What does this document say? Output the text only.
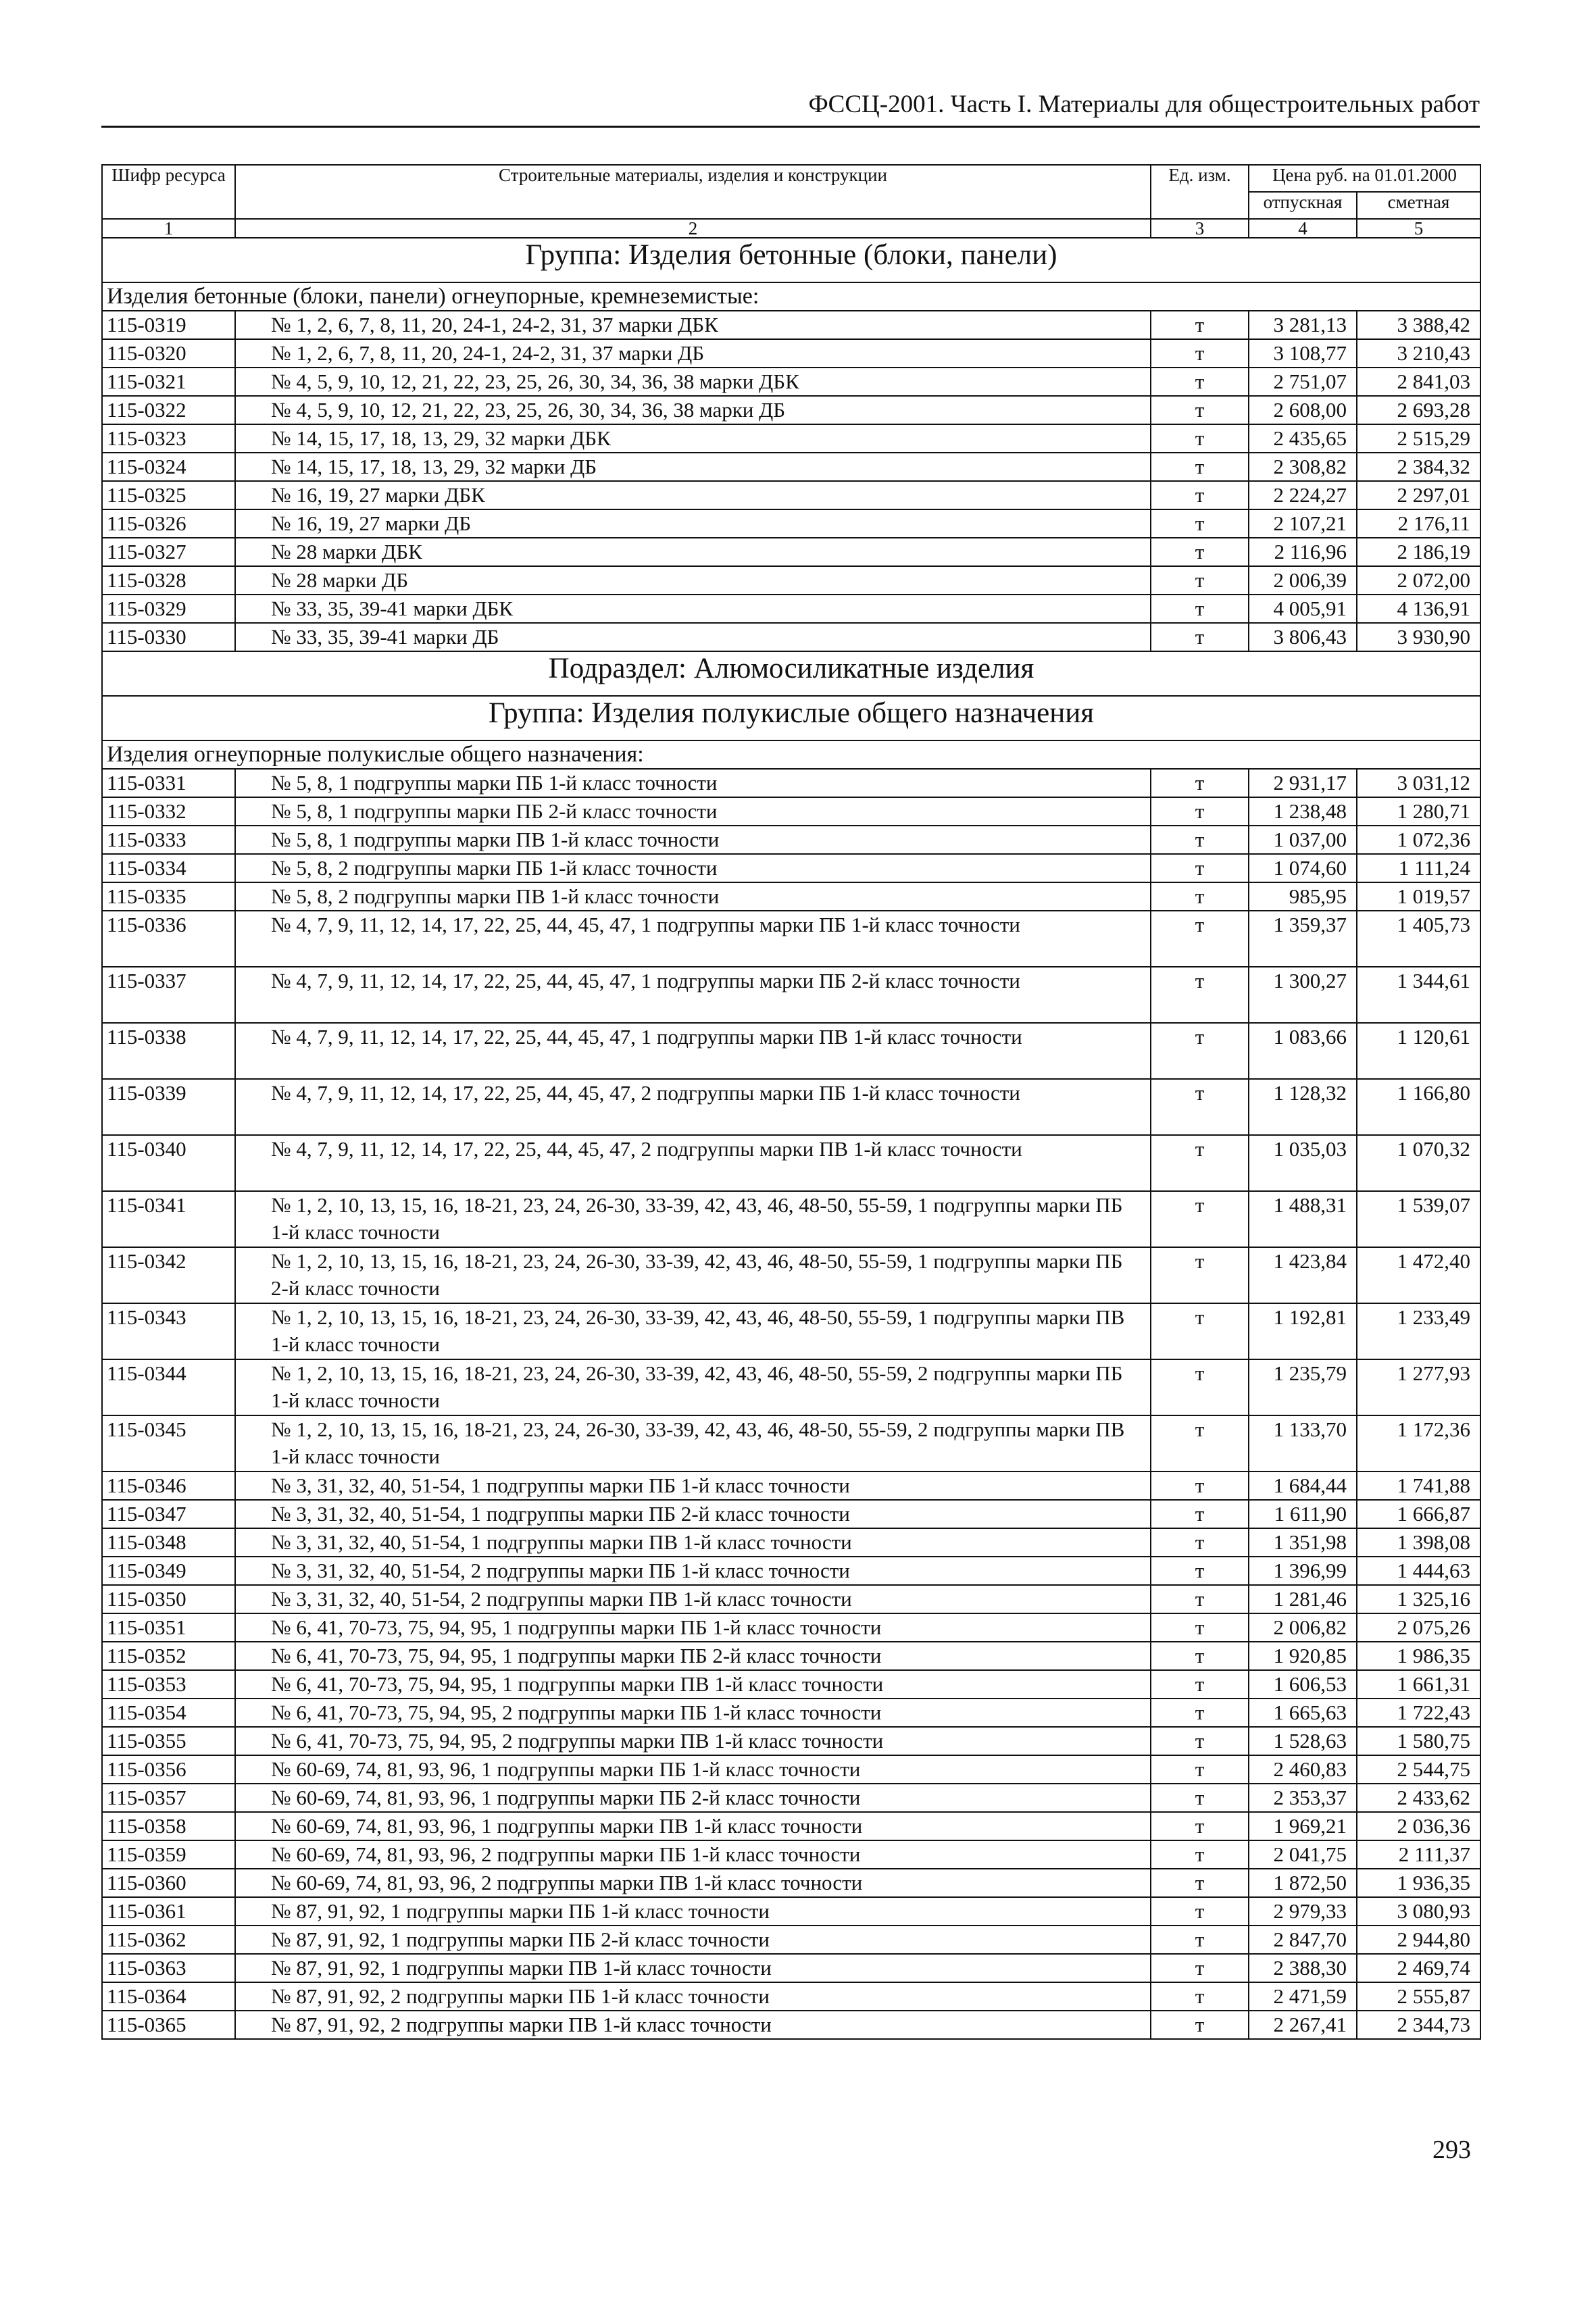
ФССЦ-2001. Часть I. Материалы для общестроительных работ
Шифр ресурса	Строительные материалы, изделия и конструкции	Ед. изм.	Цена руб. на 01.01.2000	
			отпускная	сметная
1	2	3	4	5
Группа: Изделия бетонные (блоки, панели)				
Изделия бетонные (блоки, панели) огнеупорные, кремнеземистые:				
115-0319	№ 1, 2, 6, 7, 8, 11, 20, 24-1, 24-2, 31, 37 марки ДБК	т	3 281,13	3 388,42
115-0320	№ 1, 2, 6, 7, 8, 11, 20, 24-1, 24-2, 31, 37 марки ДБ	т	3 108,77	3 210,43
115-0321	№ 4, 5, 9, 10, 12, 21, 22, 23, 25, 26, 30, 34, 36, 38 марки ДБК	т	2 751,07	2 841,03
115-0322	№ 4, 5, 9, 10, 12, 21, 22, 23, 25, 26, 30, 34, 36, 38 марки ДБ	т	2 608,00	2 693,28
115-0323	№ 14, 15, 17, 18, 13, 29, 32 марки ДБК	т	2 435,65	2 515,29
115-0324	№ 14, 15, 17, 18, 13, 29, 32 марки ДБ	т	2 308,82	2 384,32
115-0325	№ 16, 19, 27 марки ДБК	т	2 224,27	2 297,01
115-0326	№ 16, 19, 27 марки ДБ	т	2 107,21	2 176,11
115-0327	№ 28 марки ДБК	т	2 116,96	2 186,19
115-0328	№ 28 марки ДБ	т	2 006,39	2 072,00
115-0329	№ 33, 35, 39-41 марки ДБК	т	4 005,91	4 136,91
115-0330	№ 33, 35, 39-41 марки ДБ	т	3 806,43	3 930,90
Подраздел: Алюмосиликатные изделия				
Группа: Изделия полукислые общего назначения				
Изделия огнеупорные полукислые общего назначения:				
115-0331	№ 5, 8, 1 подгруппы марки ПБ 1-й класс точности	т	2 931,17	3 031,12
115-0332	№ 5, 8, 1 подгруппы марки ПБ 2-й класс точности	т	1 238,48	1 280,71
115-0333	№ 5, 8, 1 подгруппы марки ПВ 1-й класс точности	т	1 037,00	1 072,36
115-0334	№ 5, 8, 2 подгруппы марки ПБ 1-й класс точности	т	1 074,60	1 111,24
115-0335	№ 5, 8, 2 подгруппы марки ПВ 1-й класс точности	т	985,95	1 019,57
115-0336	№ 4, 7, 9, 11, 12, 14, 17, 22, 25, 44, 45, 47, 1 подгруппы марки ПБ 1-й класс точности	т	1 359,37	1 405,73
115-0337	№ 4, 7, 9, 11, 12, 14, 17, 22, 25, 44, 45, 47, 1 подгруппы марки ПБ 2-й класс точности	т	1 300,27	1 344,61
115-0338	№ 4, 7, 9, 11, 12, 14, 17, 22, 25, 44, 45, 47, 1 подгруппы марки ПВ 1-й класс точности	т	1 083,66	1 120,61
115-0339	№ 4, 7, 9, 11, 12, 14, 17, 22, 25, 44, 45, 47, 2 подгруппы марки ПБ 1-й класс точности	т	1 128,32	1 166,80
115-0340	№ 4, 7, 9, 11, 12, 14, 17, 22, 25, 44, 45, 47, 2 подгруппы марки ПВ 1-й класс точности	т	1 035,03	1 070,32
115-0341	№ 1, 2, 10, 13, 15, 16, 18-21, 23, 24, 26-30, 33-39, 42, 43, 46, 48-50, 55-59, 1 подгруппы марки ПБ 1-й класс точности	т	1 488,31	1 539,07
115-0342	№ 1, 2, 10, 13, 15, 16, 18-21, 23, 24, 26-30, 33-39, 42, 43, 46, 48-50, 55-59, 1 подгруппы марки ПБ 2-й класс точности	т	1 423,84	1 472,40
115-0343	№ 1, 2, 10, 13, 15, 16, 18-21, 23, 24, 26-30, 33-39, 42, 43, 46, 48-50, 55-59, 1 подгруппы марки ПВ 1-й класс точности	т	1 192,81	1 233,49
115-0344	№ 1, 2, 10, 13, 15, 16, 18-21, 23, 24, 26-30, 33-39, 42, 43, 46, 48-50, 55-59, 2 подгруппы марки ПБ 1-й класс точности	т	1 235,79	1 277,93
115-0345	№ 1, 2, 10, 13, 15, 16, 18-21, 23, 24, 26-30, 33-39, 42, 43, 46, 48-50, 55-59, 2 подгруппы марки ПВ 1-й класс точности	т	1 133,70	1 172,36
115-0346	№ 3, 31, 32, 40, 51-54, 1 подгруппы марки ПБ 1-й класс точности	т	1 684,44	1 741,88
115-0347	№ 3, 31, 32, 40, 51-54, 1 подгруппы марки ПБ 2-й класс точности	т	1 611,90	1 666,87
115-0348	№ 3, 31, 32, 40, 51-54, 1 подгруппы марки ПВ 1-й класс точности	т	1 351,98	1 398,08
115-0349	№ 3, 31, 32, 40, 51-54, 2 подгруппы марки ПБ 1-й класс точности	т	1 396,99	1 444,63
115-0350	№ 3, 31, 32, 40, 51-54, 2 подгруппы марки ПВ 1-й класс точности	т	1 281,46	1 325,16
115-0351	№ 6, 41, 70-73, 75, 94, 95, 1 подгруппы марки ПБ 1-й класс точности	т	2 006,82	2 075,26
115-0352	№ 6, 41, 70-73, 75, 94, 95, 1 подгруппы марки ПБ 2-й класс точности	т	1 920,85	1 986,35
115-0353	№ 6, 41, 70-73, 75, 94, 95, 1 подгруппы марки ПВ 1-й класс точности	т	1 606,53	1 661,31
115-0354	№ 6, 41, 70-73, 75, 94, 95, 2 подгруппы марки ПБ 1-й класс точности	т	1 665,63	1 722,43
115-0355	№ 6, 41, 70-73, 75, 94, 95, 2 подгруппы марки ПВ 1-й класс точности	т	1 528,63	1 580,75
115-0356	№ 60-69, 74, 81, 93, 96, 1 подгруппы марки ПБ 1-й класс точности	т	2 460,83	2 544,75
115-0357	№ 60-69, 74, 81, 93, 96, 1 подгруппы марки ПБ 2-й класс точности	т	2 353,37	2 433,62
115-0358	№ 60-69, 74, 81, 93, 96, 1 подгруппы марки ПВ 1-й класс точности	т	1 969,21	2 036,36
115-0359	№ 60-69, 74, 81, 93, 96, 2 подгруппы марки ПБ 1-й класс точности	т	2 041,75	2 111,37
115-0360	№ 60-69, 74, 81, 93, 96, 2 подгруппы марки ПВ 1-й класс точности	т	1 872,50	1 936,35
115-0361	№ 87, 91, 92, 1 подгруппы марки ПБ 1-й класс точности	т	2 979,33	3 080,93
115-0362	№ 87, 91, 92, 1 подгруппы марки ПБ 2-й класс точности	т	2 847,70	2 944,80
115-0363	№ 87, 91, 92, 1 подгруппы марки ПВ 1-й класс точности	т	2 388,30	2 469,74
115-0364	№ 87, 91, 92, 2 подгруппы марки ПБ 1-й класс точности	т	2 471,59	2 555,87
115-0365	№ 87, 91, 92, 2 подгруппы марки ПВ 1-й класс точности	т	2 267,41	2 344,73
293
